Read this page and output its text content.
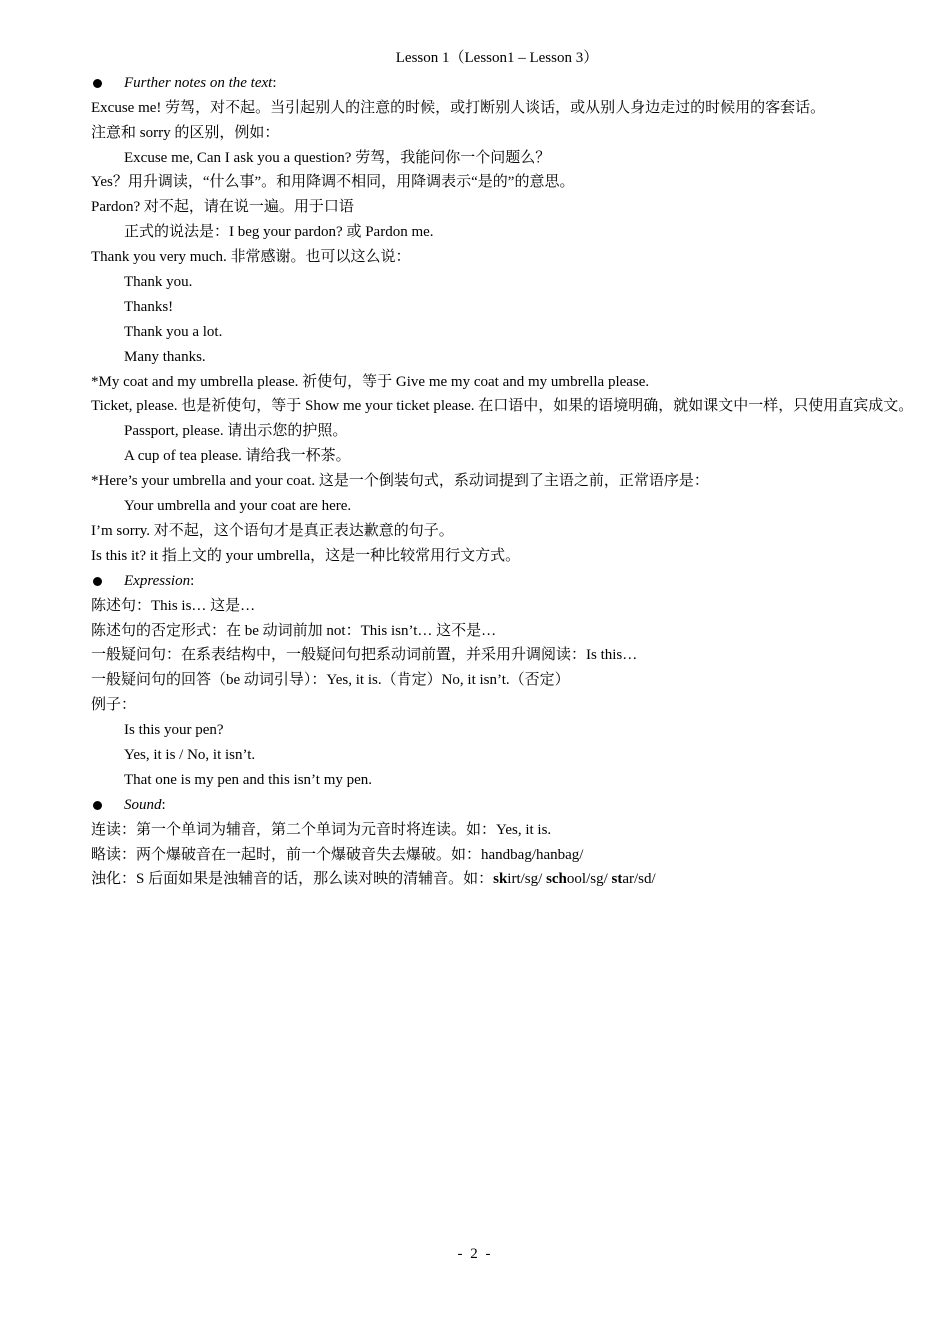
Lesson 1（Lesson1 – Lesson 3）
Further notes on the text:
Excuse me! 劳驾，对不起。当引起别人的注意的时候，或打断别人谈话，或从别人身边走过的时候用的客套话。
注意和 sorry 的区别，例如：
Excuse me, Can I ask you a question? 劳驾，我能问你一个问题么？
Yes？用升调读，“什么事”。和用降调不相同，用降调表示“是的”的意思。
Pardon? 对不起，请在说一遍。用于口语
正式的说法是：I beg your pardon? 或 Pardon me.
Thank you very much. 非常感谢。也可以这么说：
Thank you.
Thanks!
Thank you a lot.
Many thanks.
*My coat and my umbrella please. 祈使句，等于 Give me my coat and my umbrella please.
Ticket, please. 也是祈使句，等于 Show me your ticket please. 在口语中，如果的语境明确，就如课文中一样，只使用直宾成文。
Passport, please. 请出示您的护照。
A cup of tea please. 请给我一杯茶。
*Here’s your umbrella and your coat. 这是一个倒装句式，系动词提到了主语之前，正常语序是：
Your umbrella and your coat are here.
I’m sorry. 对不起，这个语句才是真正表达歉意的句子。
Is this it? it 指上文的 your umbrella，这是一种比较常用行文方式。
Expression:
陈述句：This is… 这是…
陈述句的否定形式：在 be 动词前加 not：This isn’t… 这不是…
一般疑问句：在系表结构中，一般疑问句把系动词前置，并采用升调阅读：Is this…
一般疑问句的回答（be 动词引导）：Yes, it is.（肯定）No, it isn’t.（否定）
例子：
Is this your pen?
Yes, it is / No, it isn’t.
That one is my pen and this isn’t my pen.
Sound:
连读：第一个单词为辅音，第二个单词为元音时将连读。如：Yes, it is.
略读：两个爆破音在一起时，前一个爆破音失去爆破。如：handbag/hanbag/
浊化：S 后面如果是浊辅音的话，那么读对映的清辅音。如：skirt/sg/ school/sg/ star/sd/
- 2 -
